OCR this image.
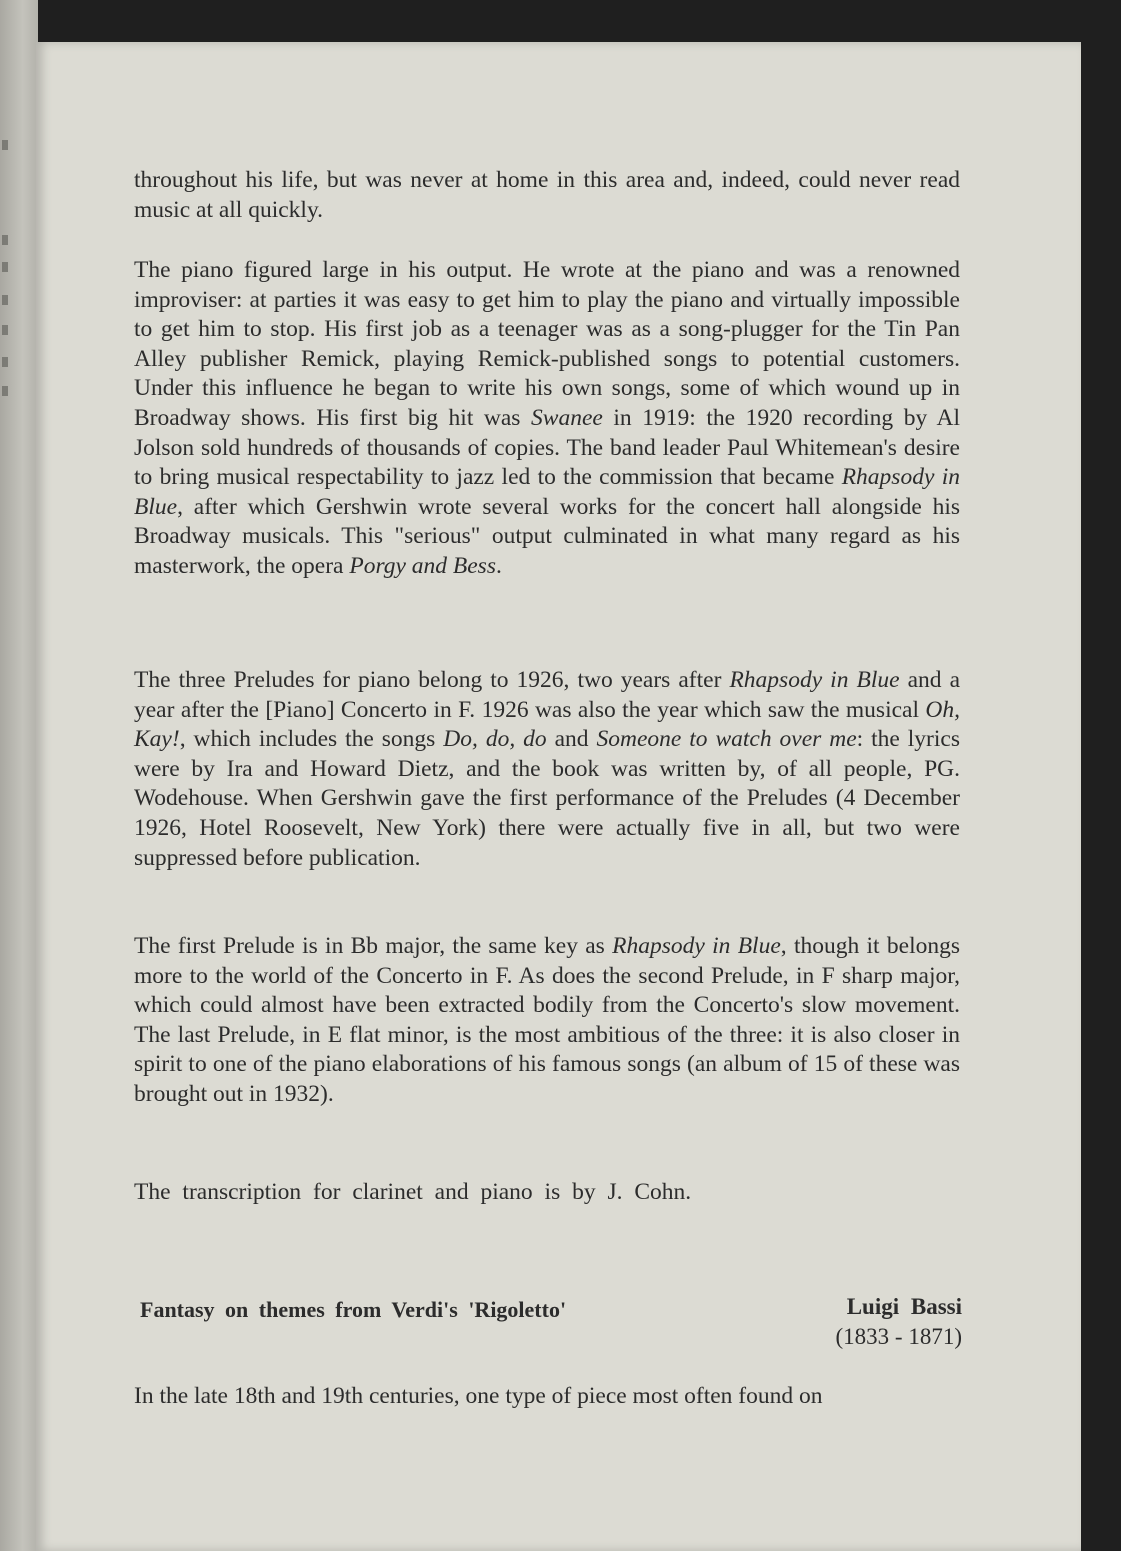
throughout his life, but was never at home in this area and, indeed, could never read music at all quickly.

The piano figured large in his output. He wrote at the piano and was a renowned improviser: at parties it was easy to get him to play the piano and virtually impossible to get him to stop. His first job as a teenager was as a song-plugger for the Tin Pan Alley publisher Remick, playing Remick-published songs to potential customers. Under this influence he began to write his own songs, some of which wound up in Broadway shows. His first big hit was Swanee in 1919: the 1920 recording by Al Jolson sold hundreds of thousands of copies. The band leader Paul Whitemean's desire to bring musical respectability to jazz led to the commission that became Rhapsody in Blue, after which Gershwin wrote several works for the concert hall alongside his Broadway musicals. This "serious" output culminated in what many regard as his masterwork, the opera Porgy and Bess.

The three Preludes for piano belong to 1926, two years after Rhapsody in Blue and a year after the [Piano] Concerto in F. 1926 was also the year which saw the musical Oh, Kay!, which includes the songs Do, do, do and Someone to watch over me: the lyrics were by Ira and Howard Dietz, and the book was written by, of all people, PG. Wodehouse. When Gershwin gave the first performance of the Preludes (4 December 1926, Hotel Roosevelt, New York) there were actually five in all, but two were suppressed before publication.

The first Prelude is in Bb major, the same key as Rhapsody in Blue, though it belongs more to the world of the Concerto in F. As does the second Prelude, in F sharp major, which could almost have been extracted bodily from the Concerto's slow movement. The last Prelude, in E flat minor, is the most ambitious of the three: it is also closer in spirit to one of the piano elaborations of his famous songs (an album of 15 of these was brought out in 1932).

The transcription for clarinet and piano is by J. Cohn.

Fantasy on themes from Verdi's 'Rigoletto'	Luigi Bassi
(1833 - 1871)

In the late 18th and 19th centuries, one type of piece most often found on
